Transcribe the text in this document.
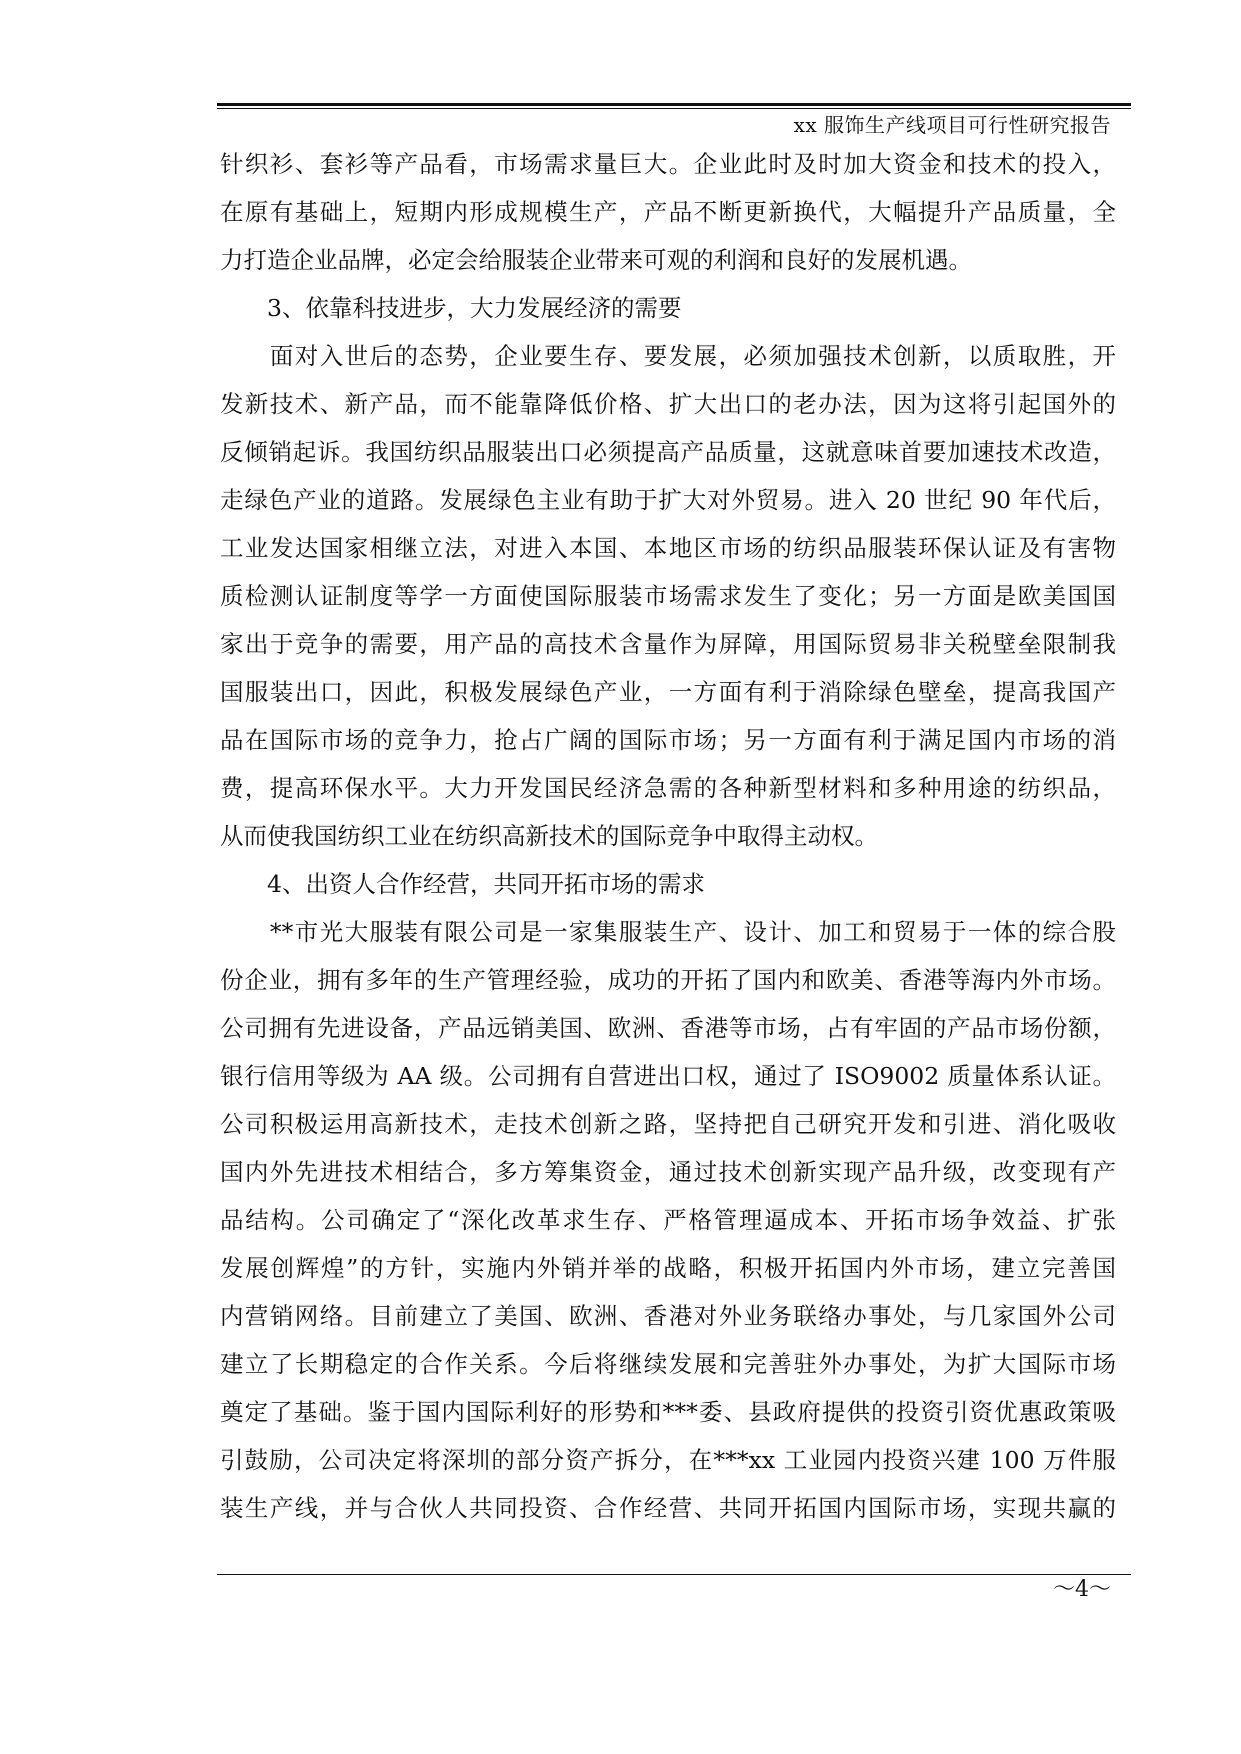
xx 服饰生产线项目可行性研究报告
针织衫、套衫等产品看，市场需求量巨大。企业此时及时加大资金和技术的投入，
在原有基础上，短期内形成规模生产，产品不断更新换代，大幅提升产品质量，全
力打造企业品牌，必定会给服装企业带来可观的利润和良好的发展机遇。
　　3、依靠科技进步，大力发展经济的需要
　　面对入世后的态势，企业要生存、要发展，必须加强技术创新，以质取胜，开
发新技术、新产品，而不能靠降低价格、扩大出口的老办法，因为这将引起国外的
反倾销起诉。我国纺织品服装出口必须提高产品质量，这就意味首要加速技术改造，
走绿色产业的道路。发展绿色主业有助于扩大对外贸易。进入 20 世纪 90 年代后，
工业发达国家相继立法，对进入本国、本地区市场的纺织品服装环保认证及有害物
质检测认证制度等学一方面使国际服装市场需求发生了变化；另一方面是欧美国国
家出于竞争的需要，用产品的高技术含量作为屏障，用国际贸易非关税壁垒限制我
国服装出口，因此，积极发展绿色产业，一方面有利于消除绿色壁垒，提高我国产
品在国际市场的竞争力，抢占广阔的国际市场；另一方面有利于满足国内市场的消
费，提高环保水平。大力开发国民经济急需的各种新型材料和多种用途的纺织品，
从而使我国纺织工业在纺织高新技术的国际竞争中取得主动权。
　　4、出资人合作经营，共同开拓市场的需求
　　**市光大服装有限公司是一家集服装生产、设计、加工和贸易于一体的综合股
份企业，拥有多年的生产管理经验，成功的开拓了国内和欧美、香港等海内外市场。
公司拥有先进设备，产品远销美国、欧洲、香港等市场，占有牢固的产品市场份额，
银行信用等级为 AA 级。公司拥有自营进出口权，通过了 ISO9002 质量体系认证。
公司积极运用高新技术，走技术创新之路，坚持把自己研究开发和引进、消化吸收
国内外先进技术相结合，多方筹集资金，通过技术创新实现产品升级，改变现有产
品结构。公司确定了“深化改革求生存、严格管理逼成本、开拓市场争效益、扩张
发展创辉煌”的方针，实施内外销并举的战略，积极开拓国内外市场，建立完善国
内营销网络。目前建立了美国、欧洲、香港对外业务联络办事处，与几家国外公司
建立了长期稳定的合作关系。今后将继续发展和完善驻外办事处，为扩大国际市场
奠定了基础。鉴于国内国际利好的形势和***委、县政府提供的投资引资优惠政策吸
引鼓励，公司决定将深圳的部分资产拆分，在***xx 工业园内投资兴建 100 万件服
装生产线，并与合伙人共同投资、合作经营、共同开拓国内国际市场，实现共赢的
～4～
